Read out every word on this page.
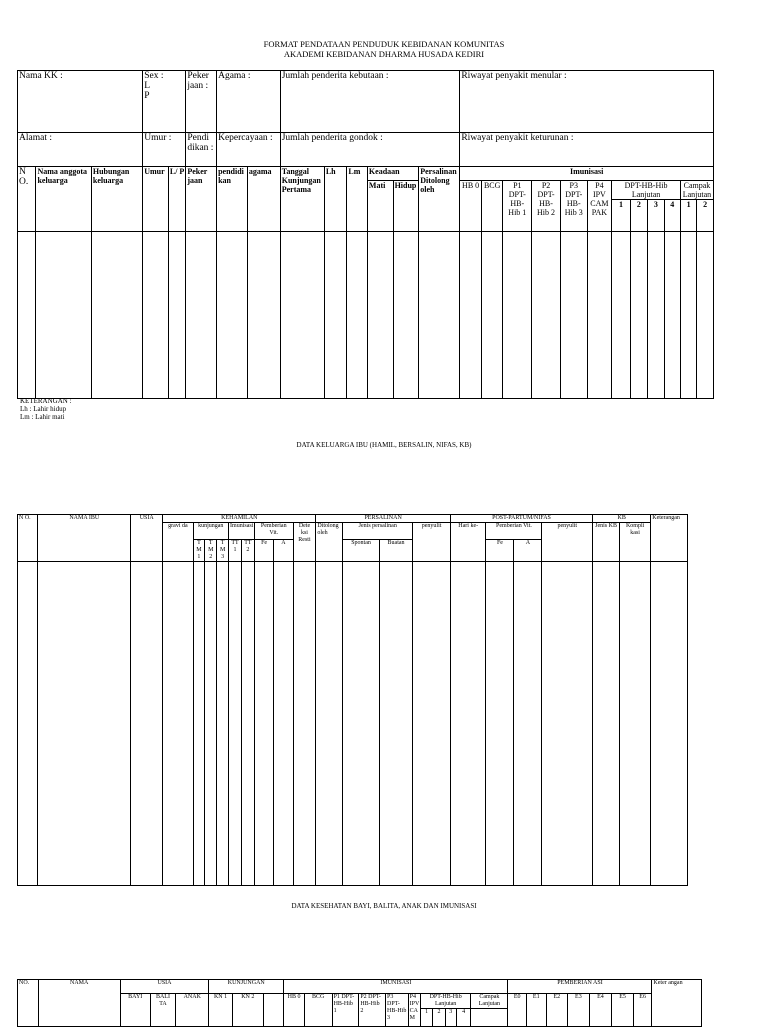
FORMAT PENDATAAN PENDUDUK KEBIDANAN KOMUNITAS
AKADEMI KEBIDANAN DHARMA HUSADA KEDIRI
Nama KK :			Sex :
L
P		Peker jaan :	Agama :		Jumlah penderita kebutaan :						Riwayat penyakit menular :											
Alamat :			Umur :		Pendi dikan :	Kepercayaan :		Jumlah penderita gondok :						Riwayat penyakit keturunan :											
N O.	Nama anggota keluarga	Hubungan keluarga	Umur	L/ P	Peker jaan	pendidi kan	agama	Tanggal Kunjungan Pertama	Lh	Lm	Keadaan		Persalinan Ditolong oleh	Imunisasi											
											Mati	Hidup		HB 0	BCG	P1 DPT-HB-Hib 1	P2 DPT-HB-Hib 2	P3 DPT-HB-Hib 3	P4 IPV CAM PAK	DPT-HB-Hib Lanjutan				Campak Lanjutan	
																				1	2	3	4	1	2

KETERANGAN :
Lh : Lahir hidup
Lm : Lahir mati
DATA KELUARGA IBU (HAMIL, BERSALIN, NIFAS, KB)
N O.	NAMA IBU	USIA	KEHAMILAN									PERSALINAN				POST-PARTUM/NIFAS				KB		Keterangan
			gravi da	kunjungan			Imunisasi		Pemberian Vit.		Dete ksi Resti	Ditolong oleh	Jenis persalinan		penyulit	Hari ke-	Pemberian Vit.		penyulit	Jenis KB	Kompli kasi	
				T M 1	T M 2	T M 3	TT 1	TT 2	Fe	A			Spontan	Buatan			Fe	A				

DATA KESEHATAN BAYI, BALITA, ANAK DAN IMUNISASI
NO.	NAMA	USIA			KUNJUNGAN			IMUNISASI											PEMBERIAN ASI							Keter angan
		BAYI	BALI TA	ANAK	KN 1	KN 2		HB 0	BCG	P1 DPT-HB-Hib 1	P2 DPT-HB-Hib 2	P3 DPT-HB-Hib 3	P4 IPV CA M	DPT-HB-Hib Lanjutan				Campak Lanjutan	E0	E1	E2	E3	E4	E5	E6	
														1	2	3	4									
